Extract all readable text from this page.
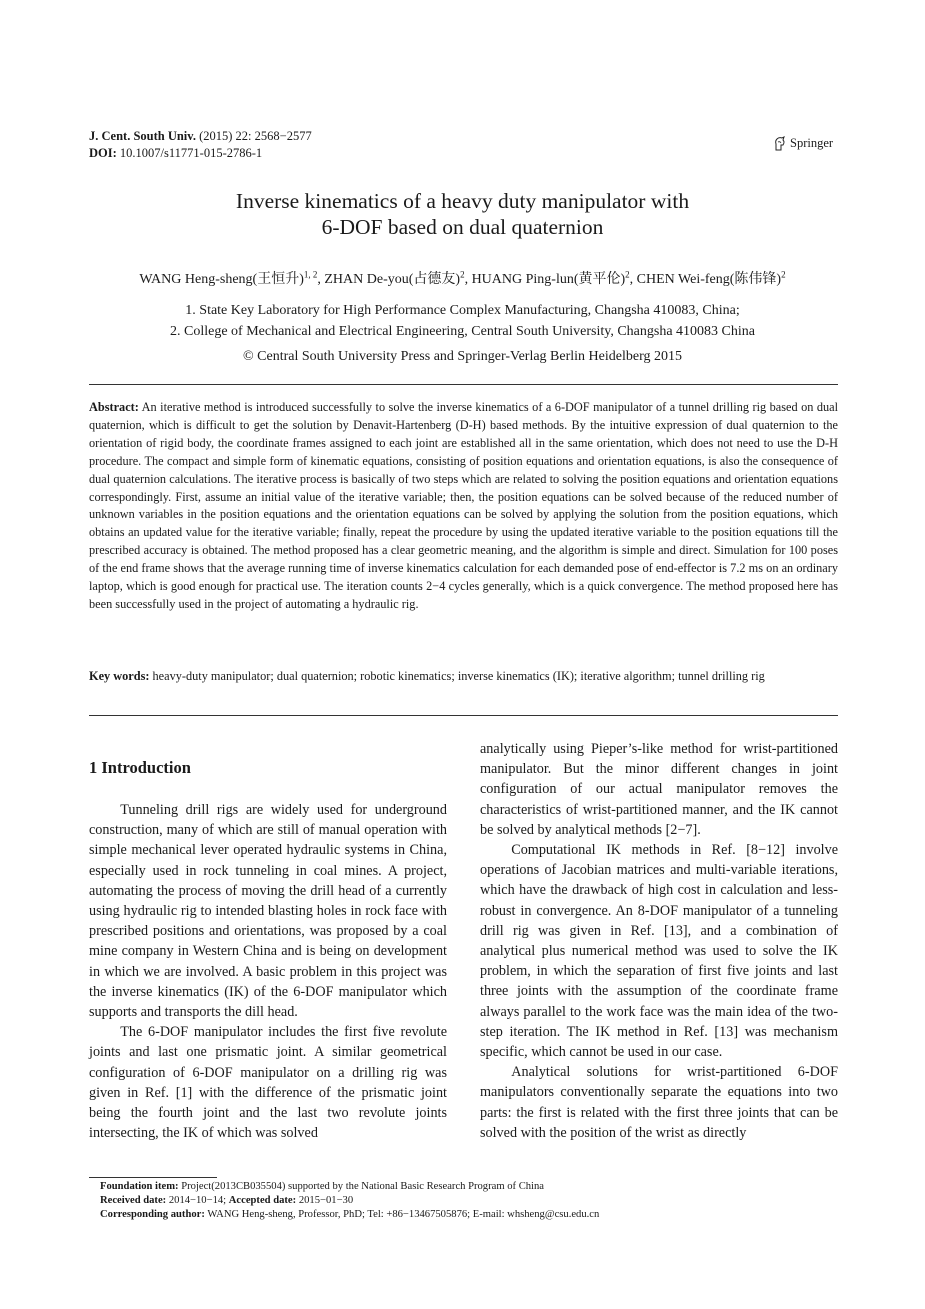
J. Cent. South Univ. (2015) 22: 2568−2577
DOI: 10.1007/s11771-015-2786-1
Springer
Inverse kinematics of a heavy duty manipulator with
6-DOF based on dual quaternion
WANG Heng-sheng(王恒升)$^{1, 2}$, ZHAN De-you(占德友)$^2$, HUANG Ping-lun(黄平伦)$^2$, CHEN Wei-feng(陈伟锋)$^2$
1. State Key Laboratory for High Performance Complex Manufacturing, Changsha 410083, China;
2. College of Mechanical and Electrical Engineering, Central South University, Changsha 410083 China
© Central South University Press and Springer-Verlag Berlin Heidelberg 2015
Abstract: An iterative method is introduced successfully to solve the inverse kinematics of a 6-DOF manipulator of a tunnel drilling rig based on dual quaternion, which is difficult to get the solution by Denavit-Hartenberg (D-H) based methods. By the intuitive expression of dual quaternion to the orientation of rigid body, the coordinate frames assigned to each joint are established all in the same orientation, which does not need to use the D-H procedure. The compact and simple form of kinematic equations, consisting of position equations and orientation equations, is also the consequence of dual quaternion calculations. The iterative process is basically of two steps which are related to solving the position equations and orientation equations correspondingly. First, assume an initial value of the iterative variable; then, the position equations can be solved because of the reduced number of unknown variables in the position equations and the orientation equations can be solved by applying the solution from the position equations, which obtains an updated value for the iterative variable; finally, repeat the procedure by using the updated iterative variable to the position equations till the prescribed accuracy is obtained. The method proposed has a clear geometric meaning, and the algorithm is simple and direct. Simulation for 100 poses of the end frame shows that the average running time of inverse kinematics calculation for each demanded pose of end-effector is 7.2 ms on an ordinary laptop, which is good enough for practical use. The iteration counts 2−4 cycles generally, which is a quick convergence. The method proposed here has been successfully used in the project of automating a hydraulic rig.
Key words: heavy-duty manipulator; dual quaternion; robotic kinematics; inverse kinematics (IK); iterative algorithm; tunnel drilling rig
1 Introduction

Tunneling drill rigs are widely used for underground construction, many of which are still of manual operation with simple mechanical lever operated hydraulic systems in China, especially used in rock tunneling in coal mines. A project, automating the process of moving the drill head of a currently using hydraulic rig to intended blasting holes in rock face with prescribed positions and orientations, was proposed by a coal mine company in Western China and is being on development in which we are involved. A basic problem in this project was the inverse kinematics (IK) of the 6-DOF manipulator which supports and transports the dill head.

The 6-DOF manipulator includes the first five revolute joints and last one prismatic joint. A similar geometrical configuration of 6-DOF manipulator on a drilling rig was given in Ref. [1] with the difference of the prismatic joint being the fourth joint and the last two revolute joints intersecting, the IK of which was solved

analytically using Pieper’s-like method for wrist-partitioned manipulator. But the minor different changes in joint configuration of our actual manipulator removes the characteristics of wrist-partitioned manner, and the IK cannot be solved by analytical methods [2−7].

Computational IK methods in Ref. [8−12] involve operations of Jacobian matrices and multi-variable iterations, which have the drawback of high cost in calculation and less-robust in convergence. An 8-DOF manipulator of a tunneling drill rig was given in Ref. [13], and a combination of analytical plus numerical method was used to solve the IK problem, in which the separation of first five joints and last three joints with the assumption of the coordinate frame always parallel to the work face was the main idea of the two-step iteration. The IK method in Ref. [13] was mechanism specific, which cannot be used in our case.

Analytical solutions for wrist-partitioned 6-DOF manipulators conventionally separate the equations into two parts: the first is related with the first three joints that can be solved with the position of the wrist as directly

Foundation item: Project(2013CB035504) supported by the National Basic Research Program of China
Received date: 2014−10−14; Accepted date: 2015−01−30
Corresponding author: WANG Heng-sheng, Professor, PhD; Tel: +86−13467505876; E-mail: whsheng@csu.edu.cn
